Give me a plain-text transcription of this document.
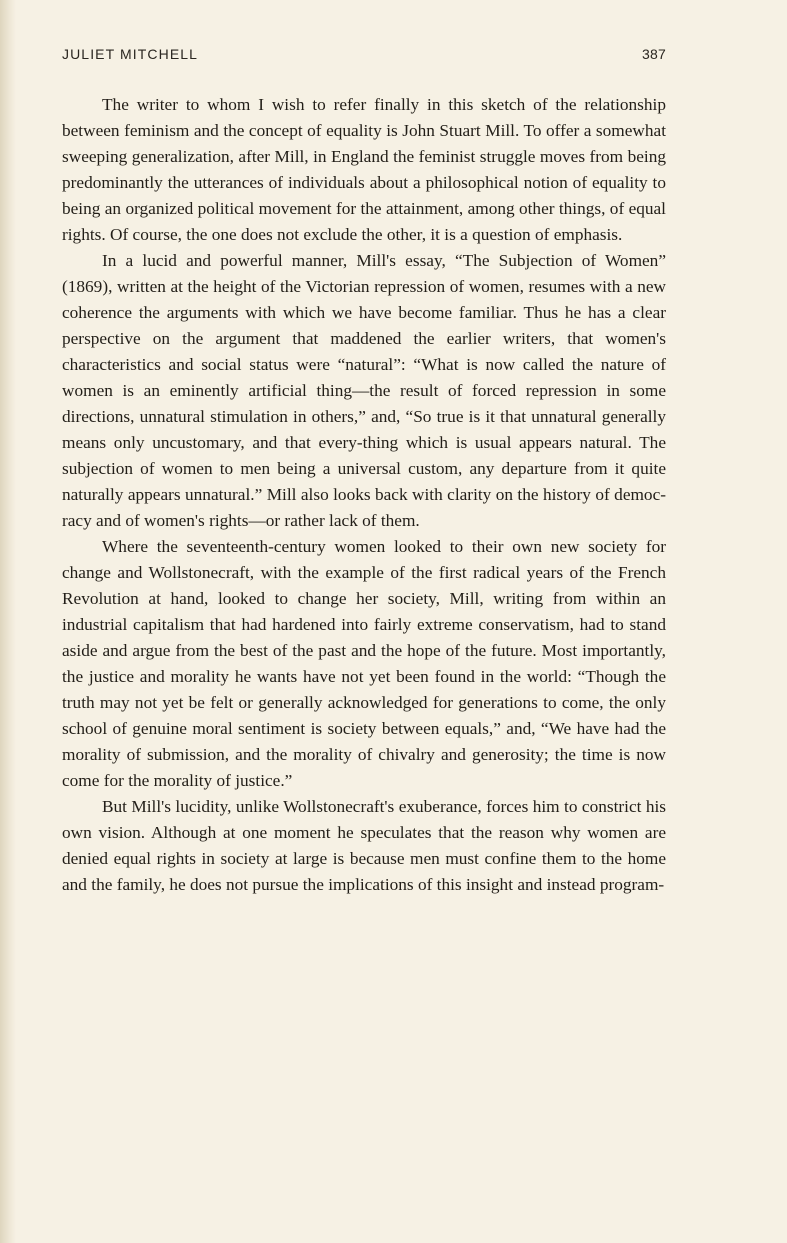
JULIET MITCHELL	387

The writer to whom I wish to refer finally in this sketch of the relationship between feminism and the concept of equality is John Stuart Mill. To offer a somewhat sweeping generalization, after Mill, in England the feminist struggle moves from being predominantly the utterances of individuals about a philosophical notion of equality to being an organized political movement for the attainment, among other things, of equal rights. Of course, the one does not exclude the other, it is a question of emphasis.

In a lucid and powerful manner, Mill's essay, “The Subjection of Women” (1869), written at the height of the Victorian repression of women, resumes with a new coherence the arguments with which we have become familiar. Thus he has a clear perspective on the argument that maddened the earlier writers, that women's characteristics and social status were “natural”: “What is now called the nature of women is an eminently artificial thing—the result of forced repression in some directions, unnatural stimulation in others,” and, “So true is it that unnatural generally means only uncustomary, and that every-thing which is usual appears natural. The subjection of women to men being a universal custom, any departure from it quite naturally appears unnatural.” Mill also looks back with clarity on the history of democ-racy and of women's rights—or rather lack of them.

Where the seventeenth-century women looked to their own new society for change and Wollstonecraft, with the example of the first radical years of the French Revolution at hand, looked to change her society, Mill, writing from within an industrial capitalism that had hardened into fairly extreme conservatism, had to stand aside and argue from the best of the past and the hope of the future. Most importantly, the justice and morality he wants have not yet been found in the world: “Though the truth may not yet be felt or generally acknowledged for generations to come, the only school of genuine moral sentiment is society between equals,” and, “We have had the morality of submission, and the morality of chivalry and generosity; the time is now come for the morality of justice.”

But Mill's lucidity, unlike Wollstonecraft's exuberance, forces him to constrict his own vision. Although at one moment he speculates that the reason why women are denied equal rights in society at large is because men must confine them to the home and the family, he does not pursue the implications of this insight and instead program-
